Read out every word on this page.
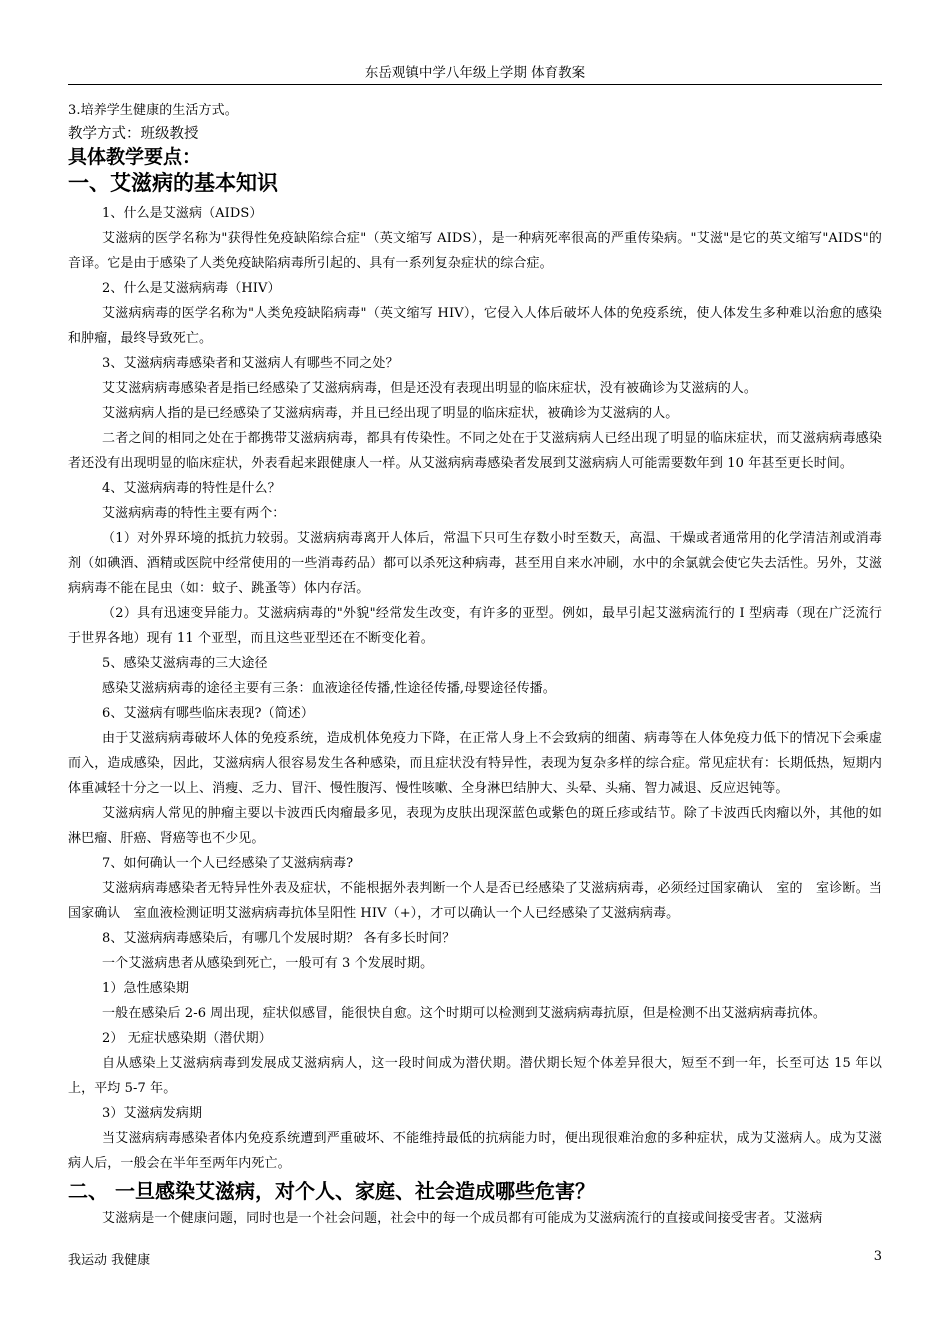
东岳观镇中学八年级上学期 体育教案

3.培养学生健康的生活方式。

教学方式：班级教授

具体教学要点：

一、艾滋病的基本知识

1、什么是艾滋病（AIDS）

艾滋病的医学名称为"获得性免疫缺陷综合症"（英文缩写 AIDS），是一种病死率很高的严重传染病。"艾滋"是它的英文缩写"AIDS"的音译。它是由于感染了人类免疫缺陷病毒所引起的、具有一系列复杂症状的综合症。

2、什么是艾滋病病毒（HIV）

艾滋病病毒的医学名称为"人类免疫缺陷病毒"（英文缩写 HIV），它侵入人体后破坏人体的免疫系统，使人体发生多种难以治愈的感染和肿瘤，最终导致死亡。

3、艾滋病病毒感染者和艾滋病人有哪些不同之处？

艾艾滋病病毒感染者是指已经感染了艾滋病病毒，但是还没有表现出明显的临床症状，没有被确诊为艾滋病的人。

艾滋病病人指的是已经感染了艾滋病病毒，并且已经出现了明显的临床症状，被确诊为艾滋病的人。

二者之间的相同之处在于都携带艾滋病病毒，都具有传染性。不同之处在于艾滋病病人已经出现了明显的临床症状，而艾滋病病毒感染者还没有出现明显的临床症状，外表看起来跟健康人一样。从艾滋病病毒感染者发展到艾滋病病人可能需要数年到 10 年甚至更长时间。

4、艾滋病病毒的特性是什么？

艾滋病病毒的特性主要有两个：

（1）对外界环境的抵抗力较弱。艾滋病病毒离开人体后，常温下只可生存数小时至数天，高温、干燥或者通常用的化学清洁剂或消毒剂（如碘酒、酒精或医院中经常使用的一些消毒药品）都可以杀死这种病毒，甚至用自来水冲刷，水中的余氯就会使它失去活性。另外，艾滋病病毒不能在昆虫（如：蚊子、跳蚤等）体内存活。

（2）具有迅速变异能力。艾滋病病毒的"外貌"经常发生改变，有许多的亚型。例如，最早引起艾滋病流行的 I 型病毒（现在广泛流行于世界各地）现有 11 个亚型，而且这些亚型还在不断变化着。

5、感染艾滋病毒的三大途径

感染艾滋病病毒的途径主要有三条：血液途径传播,性途径传播,母婴途径传播。

6、艾滋病有哪些临床表现?（简述）

由于艾滋病病毒破坏人体的免疫系统，造成机体免疫力下降，在正常人身上不会致病的细菌、病毒等在人体免疫力低下的情况下会乘虚而入，造成感染，因此，艾滋病病人很容易发生各种感染，而且症状没有特异性，表现为复杂多样的综合症。常见症状有：长期低热，短期内体重减轻十分之一以上、消瘦、乏力、冒汗、慢性腹泻、慢性咳嗽、全身淋巴结肿大、头晕、头痛、智力减退、反应迟钝等。

艾滋病病人常见的肿瘤主要以卡波西氏肉瘤最多见，表现为皮肤出现深蓝色或紫色的斑丘疹或结节。除了卡波西氏肉瘤以外，其他的如淋巴瘤、肝癌、肾癌等也不少见。

7、如何确认一个人已经感染了艾滋病病毒?

艾滋病病毒感染者无特异性外表及症状，不能根据外表判断一个人是否已经感染了艾滋病病毒，必须经过国家确认　室的　室诊断。当国家确认　室血液检测证明艾滋病病毒抗体呈阳性 HIV（+），才可以确认一个人已经感染了艾滋病病毒。

8、艾滋病病毒感染后，有哪几个发展时期？ 各有多长时间？

一个艾滋病患者从感染到死亡，一般可有 3 个发展时期。

1）急性感染期

一般在感染后 2-6 周出现，症状似感冒，能很快自愈。这个时期可以检测到艾滋病病毒抗原，但是检测不出艾滋病病毒抗体。

2） 无症状感染期（潜伏期）

自从感染上艾滋病病毒到发展成艾滋病病人，这一段时间成为潜伏期。潜伏期长短个体差异很大，短至不到一年，长至可达 15 年以上，平均 5-7 年。

3）艾滋病发病期

当艾滋病病毒感染者体内免疫系统遭到严重破坏、不能维持最低的抗病能力时，便出现很难治愈的多种症状，成为艾滋病人。成为艾滋病人后，一般会在半年至两年内死亡。

二、 一旦感染艾滋病，对个人、家庭、社会造成哪些危害？

艾滋病是一个健康问题，同时也是一个社会问题，社会中的每一个成员都有可能成为艾滋病流行的直接或间接受害者。艾滋病

我运动 我健康	3
